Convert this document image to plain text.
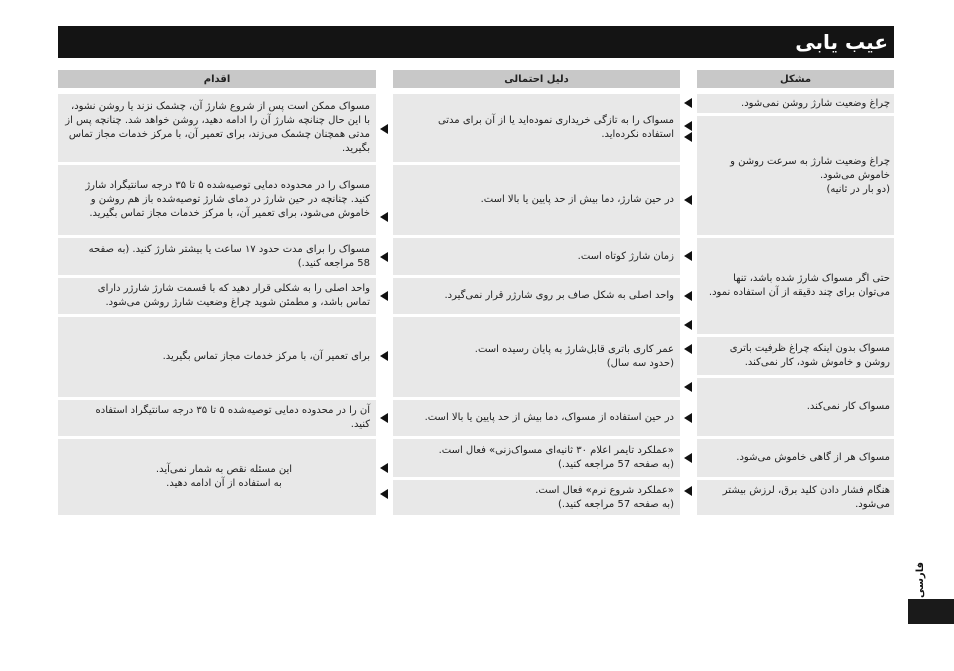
عیب یابی
مشکل
دلیل احتمالی
اقدام
چراغ وضعیت شارژ روشن نمی‌شود.
چراغ وضعیت شارژ به سرعت روشن و خاموش می‌شود.
(دو بار در ثانیه)
حتی اگر مسواک شارژ شده باشد، تنها می‌توان برای چند دقیقه از آن استفاده نمود.
مسواک بدون اینکه چراغ ظرفیت باتری روشن و خاموش شود، کار نمی‌کند.
مسواک کار نمی‌کند.
مسواک هر از گاهی خاموش می‌شود.
هنگام فشار دادن کلید برق، لرزش بیشتر می‌شود.
مسواک را به تازگی خریداری نموده‌اید یا از آن برای مدتی استفاده نکرده‌اید.
در حین شارژ، دما بیش از حد پایین یا بالا است.
زمان شارژ کوتاه است.
واحد اصلی به شکل صاف بر روی شارژر قرار نمی‌گیرد.
عمر کاری باتری قابل‌شارژ به پایان رسیده است.
(حدود سه سال)
در حین استفاده از مسواک، دما بیش از حد پایین یا بالا است.
«عملکرد تایمر اعلام ۳۰ ثانیه‌ای مسواک‌زنی» فعال است.
(به صفحه 57 مراجعه کنید.)
«عملکرد شروع نرم» فعال است.
(به صفحه 57 مراجعه کنید.)
مسواک ممکن است پس از شروع شارژ آن، چشمک نزند یا روشن نشود، با این حال چنانچه شارژ آن را ادامه دهید، روشن خواهد شد. چنانچه پس از مدتی همچنان چشمک می‌زند، برای تعمیر آن، با مرکز خدمات مجاز تماس بگیرید.
مسواک را در محدوده دمایی توصیه‌شده ۵ تا ۳۵ درجه سانتیگراد شارژ کنید. چنانچه در حین شارژ در دمای شارژ توصیه‌شده باز هم روشن و خاموش می‌شود، برای تعمیر آن، با مرکز خدمات مجاز تماس بگیرید.
مسواک را برای مدت حدود ۱۷ ساعت یا بیشتر شارژ کنید. (به صفحه 58 مراجعه کنید.)
واحد اصلی را به شکلی قرار دهید که با قسمت شارژ شارژر دارای تماس باشد، و مطمئن شوید چراغ وضعیت شارژ روشن می‌شود.
برای تعمیر آن، با مرکز خدمات مجاز تماس بگیرید.
آن را در محدوده دمایی توصیه‌شده ۵ تا ۳۵ درجه سانتیگراد استفاده کنید.
این مسئله نقص به شمار نمی‌آید.
به استفاده از آن ادامه دهید.
فارسی
